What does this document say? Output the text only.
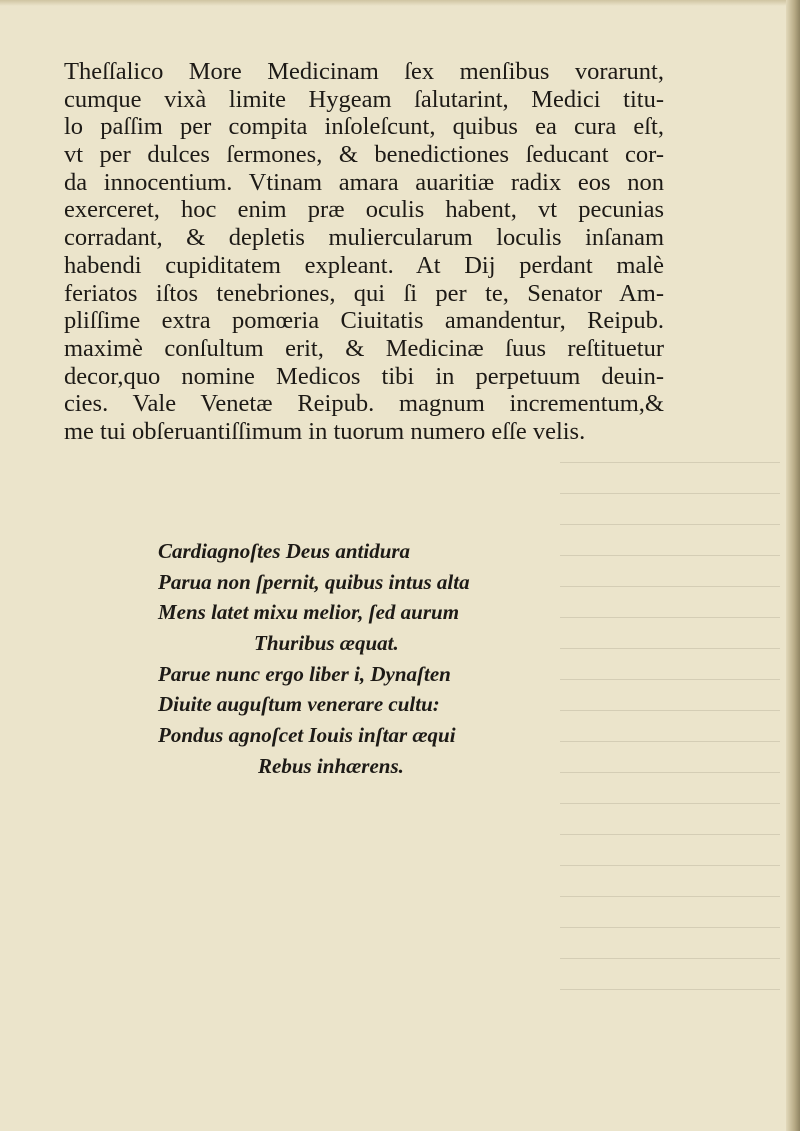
Theſſalico More Medicinam ſex menſibus vorarunt,
cumque vixà limite Hygeam ſalutarint, Medici titu-
lo paſſim per compita inſoleſcunt, quibus ea cura eſt,
vt per dulces ſermones, & benedictiones ſeducant cor-
da innocentium. Vtinam amara auaritiæ radix eos non
exerceret, hoc enim præ oculis habent, vt pecunias
corradant, & depletis muliercularum loculis inſanam
habendi cupiditatem expleant. At Dij perdant malè
feriatos iſtos tenebriones, qui ſi per te, Senator Am-
pliſſime extra pomœria Ciuitatis amandentur, Reipub.
maximè conſultum erit, & Medicinæ ſuus reſtituetur
decor,quo nomine Medicos tibi in perpetuum deuin-
cies. Vale Venetæ Reipub. magnum incrementum,&
me tui obſeruantiſſimum in tuorum numero eſſe velis.
Cardiagnoſtes Deus antidura
Parua non ſpernit, quibus intus alta
Mens latet mixu melior, ſed aurum
Thuribus æquat.
Parue nunc ergo liber i, Dynaſten
Diuite auguſtum venerare cultu:
Pondus agnoſcet Iouis inſtar æqui
Rebus inhærens.
